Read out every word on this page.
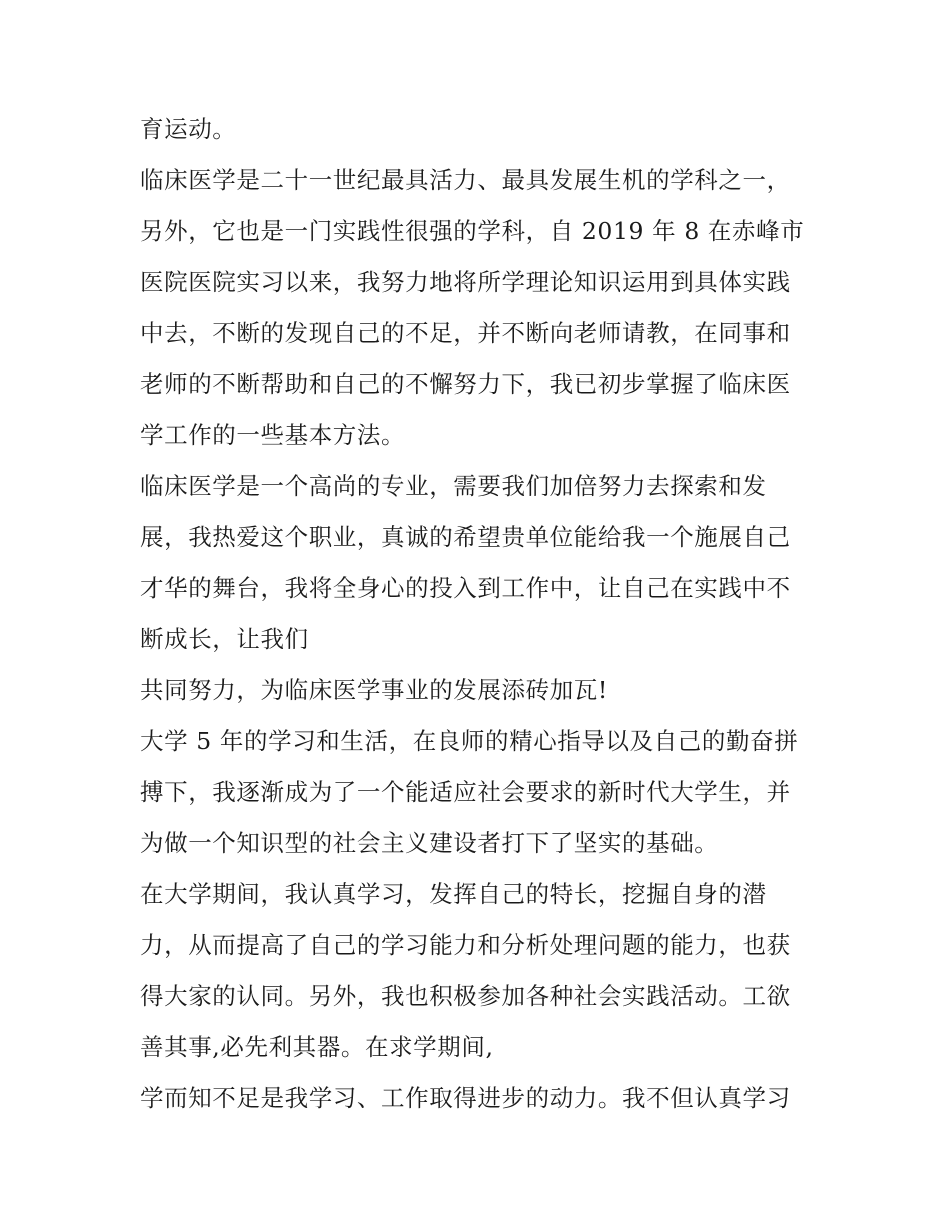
育运动。
临床医学是二十一世纪最具活力、最具发展生机的学科之一，
另外，它也是一门实践性很强的学科，自 2019 年 8 在赤峰市
医院医院实习以来，我努力地将所学理论知识运用到具体实践
中去，不断的发现自己的不足，并不断向老师请教，在同事和
老师的不断帮助和自己的不懈努力下，我已初步掌握了临床医
学工作的一些基本方法。
临床医学是一个高尚的专业，需要我们加倍努力去探索和发
展，我热爱这个职业，真诚的希望贵单位能给我一个施展自己
才华的舞台，我将全身心的投入到工作中，让自己在实践中不
断成长，让我们
共同努力，为临床医学事业的发展添砖加瓦!
大学 5 年的学习和生活，在良师的精心指导以及自己的勤奋拼
搏下，我逐渐成为了一个能适应社会要求的新时代大学生，并
为做一个知识型的社会主义建设者打下了坚实的基础。
在大学期间，我认真学习，发挥自己的特长，挖掘自身的潜
力，从而提高了自己的学习能力和分析处理问题的能力，也获
得大家的认同。另外，我也积极参加各种社会实践活动。工欲
善其事,必先利其器。在求学期间,
学而知不足是我学习、工作取得进步的动力。我不但认真学习
